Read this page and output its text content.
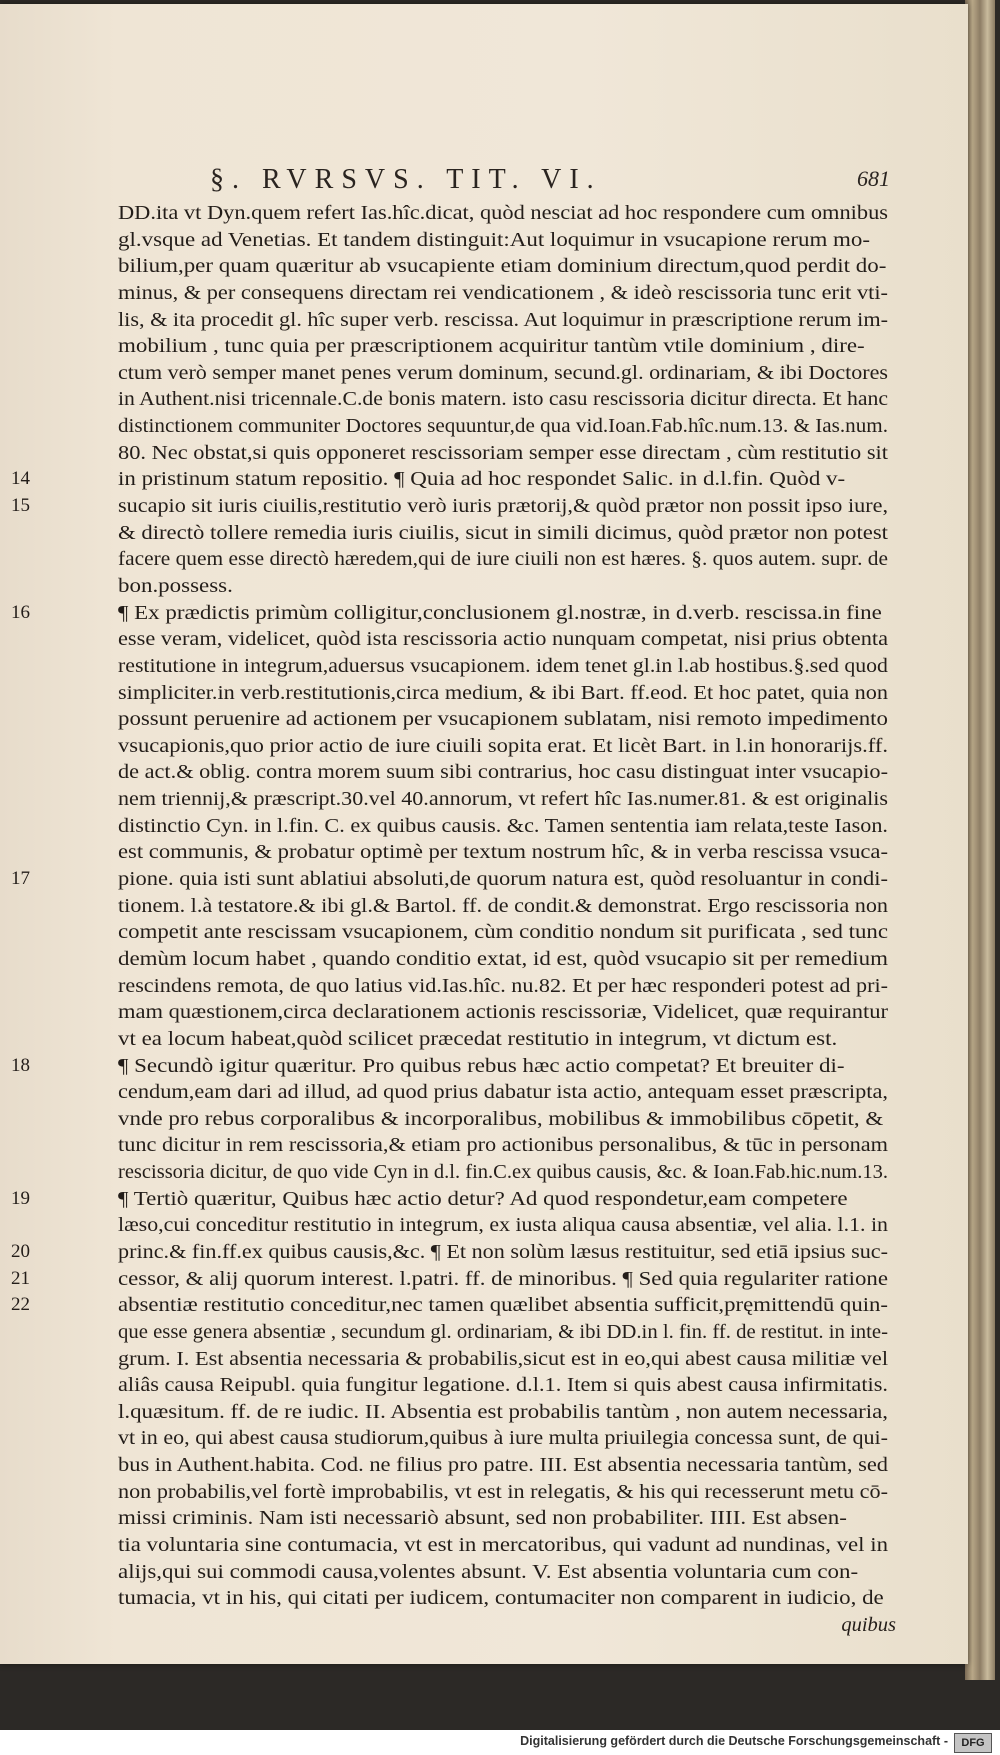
§. RVRSVS. TIT. VI.	681
DD.ita vt Dyn.quem refert Ias.hîc.dicat, quòd nesciat ad hoc respondere cum omnibus
gl.vsque ad Venetias. Et tandem distinguit:Aut loquimur in vsucapione rerum mo-
bilium,per quam quæritur ab vsucapiente etiam dominium directum,quod perdit do-
minus, & per consequens directam rei vendicationem , & ideò rescissoria tunc erit vti-
lis, & ita procedit gl. hîc super verb. rescissa. Aut loquimur in præscriptione rerum im-
mobilium , tunc quia per præscriptionem acquiritur tantùm vtile dominium , dire-
ctum verò semper manet penes verum dominum, secund.gl. ordinariam, & ibi Doctores
in Authent.nisi tricennale.C.de bonis matern. isto casu rescissoria dicitur directa. Et hanc
distinctionem communiter Doctores sequuntur,de qua vid.Ioan.Fab.hîc.num.13. & Ias.num.
80. Nec obstat,si quis opponeret rescissoriam semper esse directam , cùm restitutio sit
14	in pristinum statum repositio. ¶ Quia ad hoc respondet Salic. in d.l.fin. Quòd v-
15	sucapio sit iuris ciuilis,restitutio verò iuris prætorij,& quòd prætor non possit ipso iure,
& directò tollere remedia iuris ciuilis, sicut in simili dicimus, quòd prætor non potest
facere quem esse directò hæredem,qui de iure ciuili non est hæres. §. quos autem. supr. de
bon.possess.
16	¶ Ex prædictis primùm colligitur,conclusionem gl.nostræ, in d.verb. rescissa.in fine
esse veram, videlicet, quòd ista rescissoria actio nunquam competat, nisi prius obtenta
restitutione in integrum,aduersus vsucapionem. idem tenet gl.in l.ab hostibus.§.sed quod
simpliciter.in verb.restitutionis,circa medium, & ibi Bart. ff.eod. Et hoc patet, quia non
possunt peruenire ad actionem per vsucapionem sublatam, nisi remoto impedimento
vsucapionis,quo prior actio de iure ciuili sopita erat. Et licèt Bart. in l.in honorarijs.ff.
de act.& oblig. contra morem suum sibi contrarius, hoc casu distinguat inter vsucapio-
nem triennij,& præscript.30.vel 40.annorum, vt refert hîc Ias.numer.81. & est originalis
distinctio Cyn. in l.fin. C. ex quibus causis. &c. Tamen sententia iam relata,teste Iason.
est communis, & probatur optimè per textum nostrum hîc, & in verba rescissa vsuca-
17	pione. quia isti sunt ablatiui absoluti,de quorum natura est, quòd resoluantur in condi-
tionem. l.à testatore.& ibi gl.& Bartol. ff. de condit.& demonstrat. Ergo rescissoria non
competit ante rescissam vsucapionem, cùm conditio nondum sit purificata , sed tunc
demùm locum habet , quando conditio extat, id est, quòd vsucapio sit per remedium
rescindens remota, de quo latius vid.Ias.hîc. nu.82. Et per hæc responderi potest ad pri-
mam quæstionem,circa declarationem actionis rescissoriæ, Videlicet, quæ requirantur
vt ea locum habeat,quòd scilicet præcedat restitutio in integrum, vt dictum est.
18	¶ Secundò igitur quæritur. Pro quibus rebus hæc actio competat? Et breuiter di-
cendum,eam dari ad illud, ad quod prius dabatur ista actio, antequam esset præscripta,
vnde pro rebus corporalibus & incorporalibus, mobilibus & immobilibus cōpetit, &
tunc dicitur in rem rescissoria,& etiam pro actionibus personalibus, & tūc in personam
rescissoria dicitur, de quo vide Cyn in d.l. fin.C.ex quibus causis, &c. & Ioan.Fab.hic.num.13.
19	¶ Tertiò quæritur, Quibus hæc actio detur? Ad quod respondetur,eam competere
læso,cui conceditur restitutio in integrum, ex iusta aliqua causa absentiæ, vel alia. l.1. in
20	princ.& fin.ff.ex quibus causis,&c. ¶ Et non solùm læsus restituitur, sed etiā ipsius suc-
21	cessor, & alij quorum interest. l.patri. ff. de minoribus. ¶ Sed quia regulariter ratione
22	absentiæ restitutio conceditur,nec tamen quælibet absentia sufficit,pręmittendū quin-
que esse genera absentiæ , secundum gl. ordinariam, & ibi DD.in l. fin. ff. de restitut. in inte-
grum. I. Est absentia necessaria & probabilis,sicut est in eo,qui abest causa militiæ vel
aliâs causa Reipubl. quia fungitur legatione. d.l.1. Item si quis abest causa infirmitatis.
l.quæsitum. ff. de re iudic. II. Absentia est probabilis tantùm , non autem necessaria,
vt in eo, qui abest causa studiorum,quibus à iure multa priuilegia concessa sunt, de qui-
bus in Authent.habita. Cod. ne filius pro patre. III. Est absentia necessaria tantùm, sed
non probabilis,vel fortè improbabilis, vt est in relegatis, & his qui recesserunt metu cō-
missi criminis. Nam isti necessariò absunt, sed non probabiliter. IIII. Est absen-
tia voluntaria sine contumacia, vt est in mercatoribus, qui vadunt ad nundinas, vel in
alijs,qui sui commodi causa,volentes absunt. V. Est absentia voluntaria cum con-
tumacia, vt in his, qui citati per iudicem, contumaciter non comparent in iudicio, de
quibus
Digitalisierung gefördert durch die Deutsche Forschungsgemeinschaft -	DFG
